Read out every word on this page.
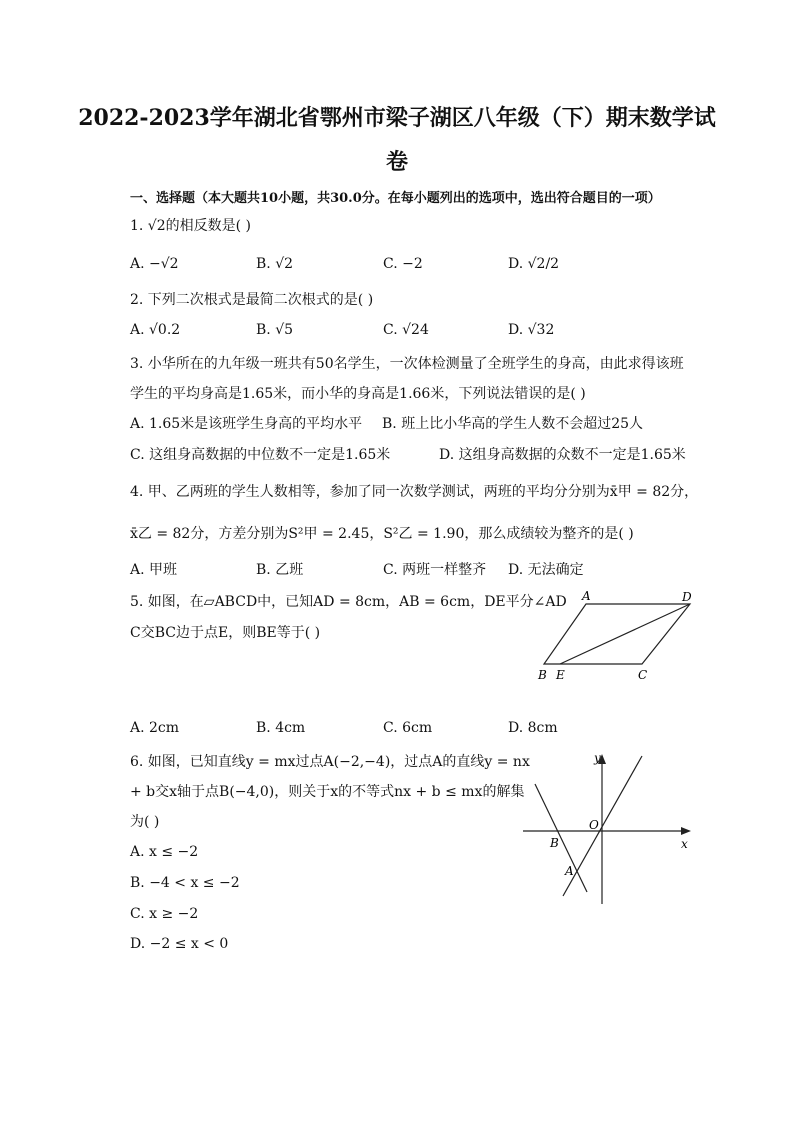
2022-2023学年湖北省鄂州市梁子湖区八年级（下）期末数学试
卷
一、选择题（本大题共10小题，共30.0分。在每小题列出的选项中，选出符合题目的一项）
1. √2的相反数是( )
A. −√2	B. √2	C. −2	D. √2/2
2. 下列二次根式是最简二次根式的是( )
A. √0.2	B. √5	C. √24	D. √32
3. 小华所在的九年级一班共有50名学生，一次体检测量了全班学生的身高，由此求得该班
学生的平均身高是1.65米，而小华的身高是1.66米，下列说法错误的是( )
A. 1.65米是该班学生身高的平均水平 B. 班上比小华高的学生人数不会超过25人
C. 这组身高数据的中位数不一定是1.65米	D. 这组身高数据的众数不一定是1.65米
4. 甲、乙两班的学生人数相等，参加了同一次数学测试，两班的平均分分别为x̄甲 = 82分，
x̄乙 = 82分，方差分别为S²甲 = 2.45，S²乙 = 1.90，那么成绩较为整齐的是( )
A. 甲班	B. 乙班	C. 两班一样整齐 D. 无法确定
5. 如图，在▱ABCD中，已知AD = 8cm，AB = 6cm，DE平分∠AD
C交BC边于点E，则BE等于( )
A	D
B E	C
A. 2cm	B. 4cm	C. 6cm	D. 8cm
6. 如图，已知直线y = mx过点A(−2,−4)，过点A的直线y = nx
+ b交x轴于点B(−4,0)，则关于x的不等式nx + b ≤ mx的解集
为( )
y
x
O
B
A
A. x ≤ −2
B. −4 < x ≤ −2
C. x ≥ −2
D. −2 ≤ x < 0
